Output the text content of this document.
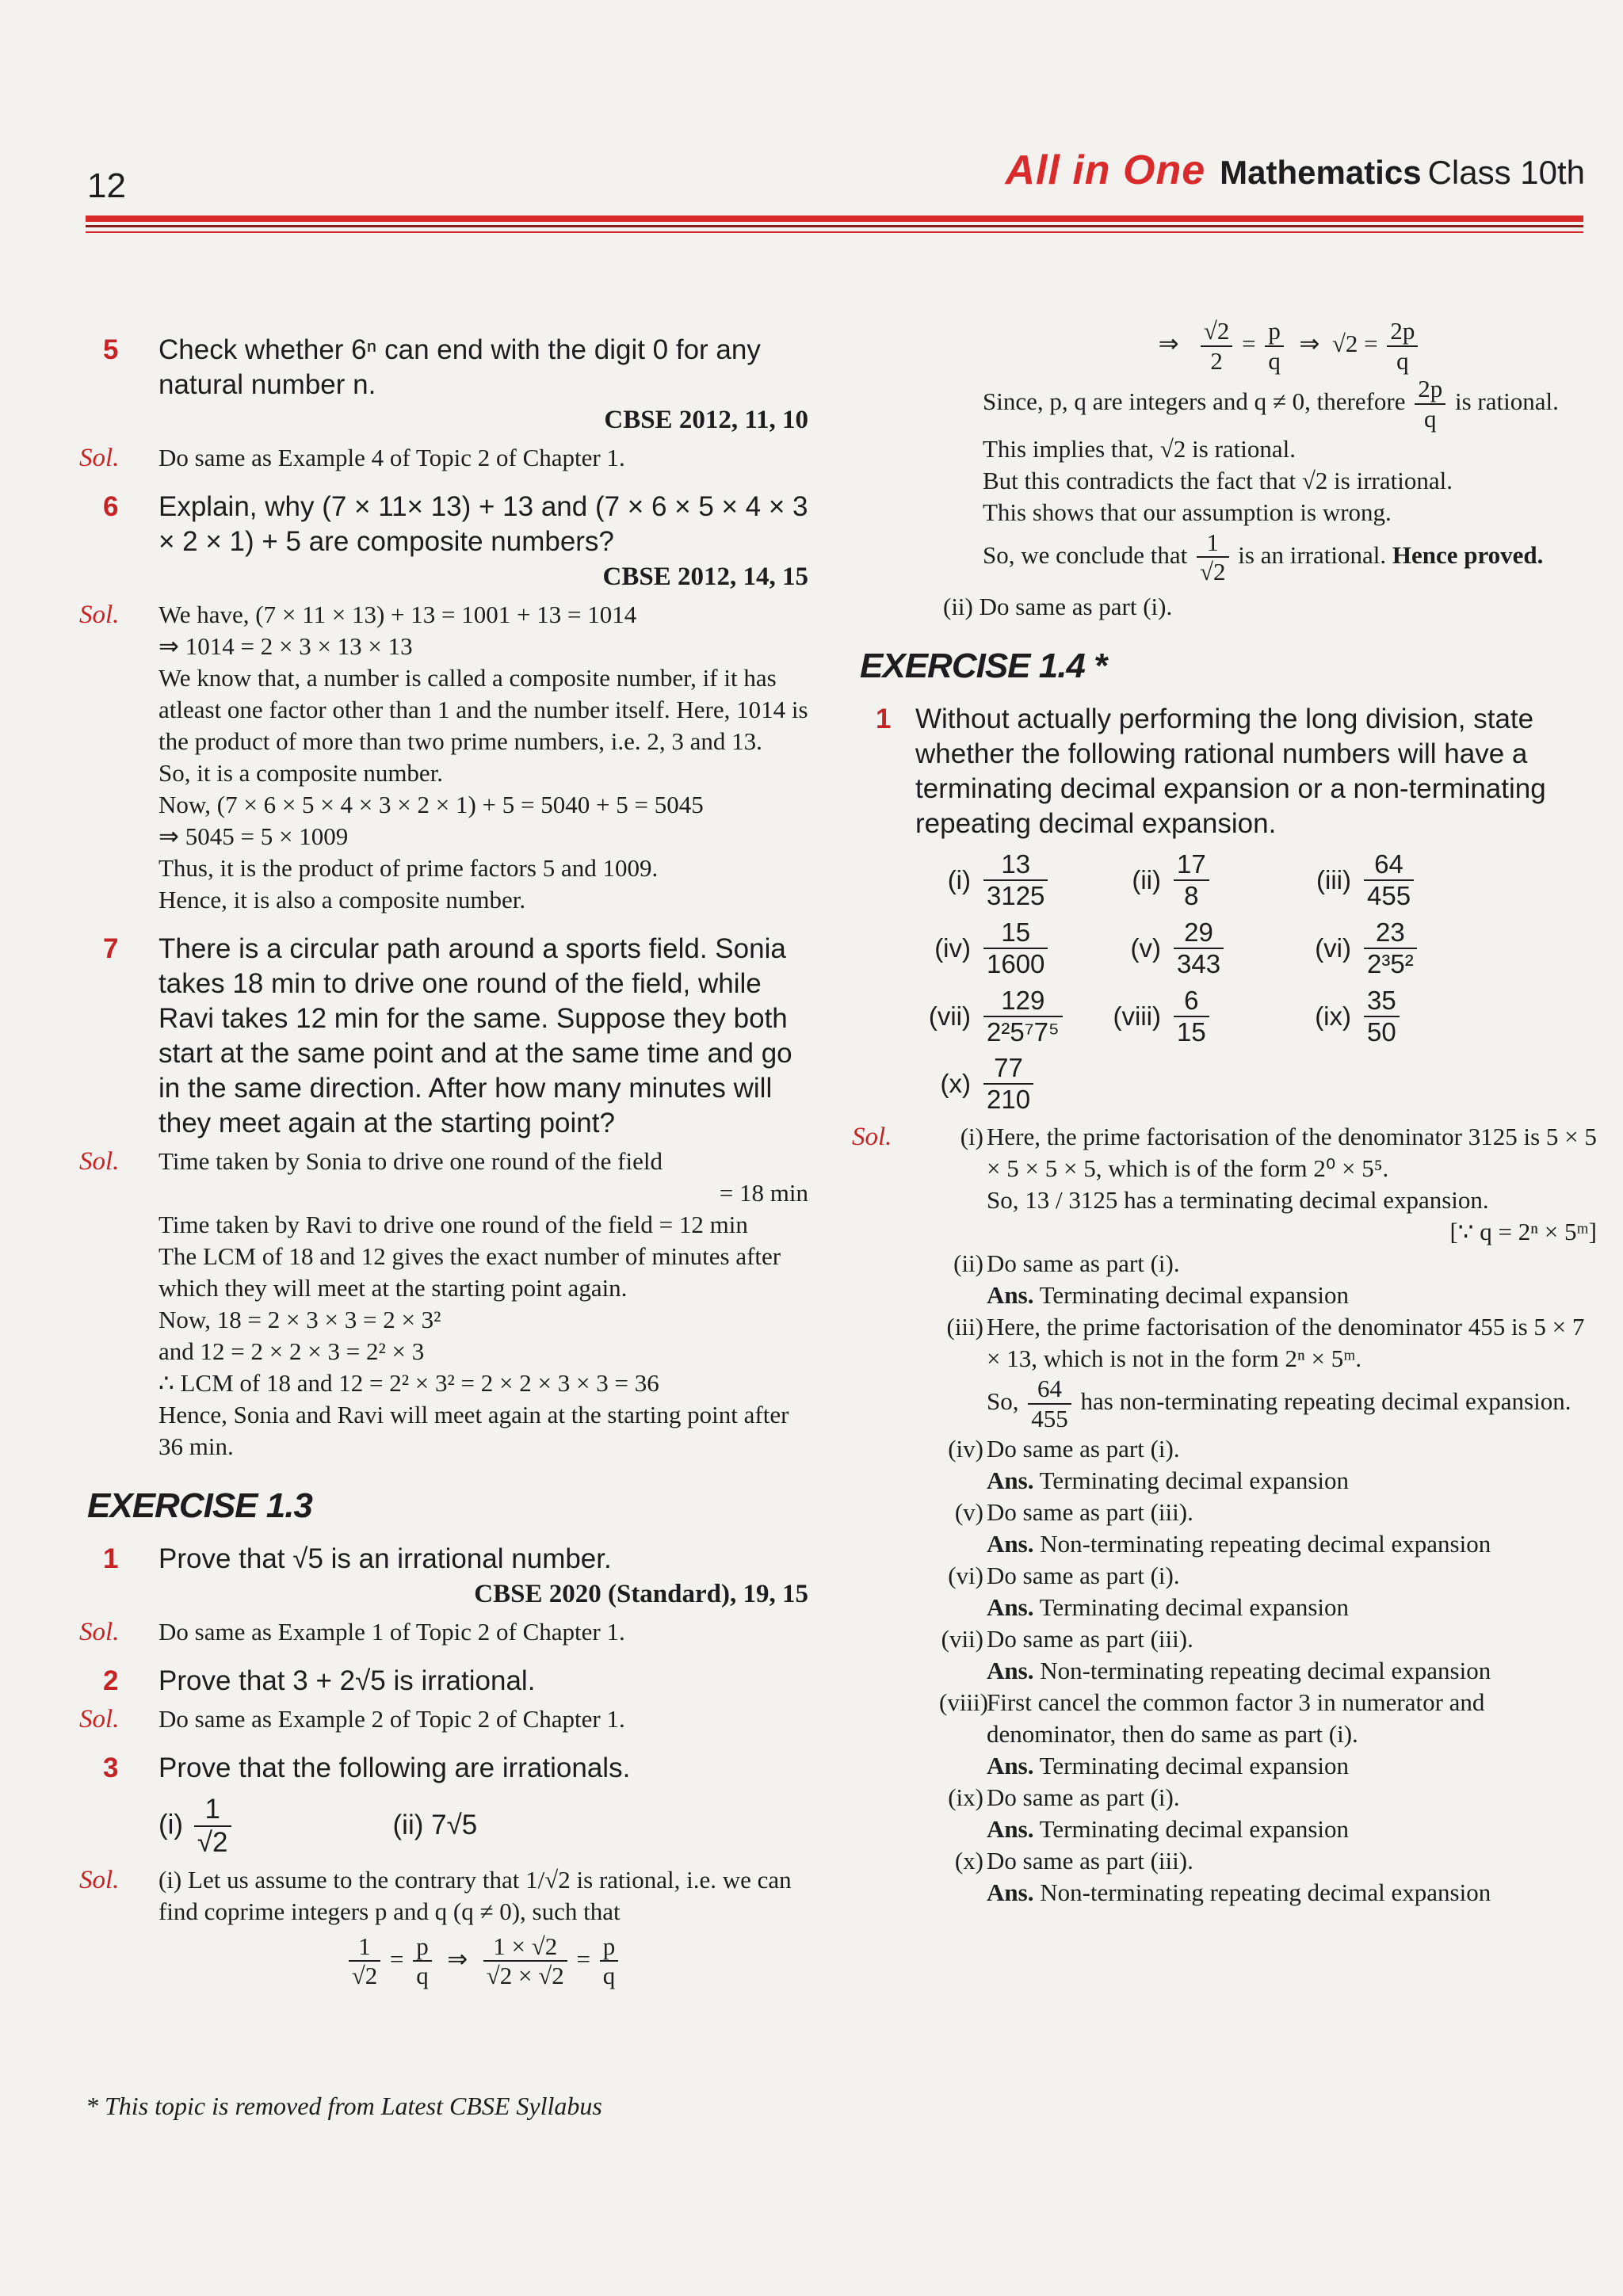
12	All in One Mathematics Class 10th
5 Check whether 6ⁿ can end with the digit 0 for any natural number n.
CBSE 2012, 11, 10
Sol. Do same as Example 4 of Topic 2 of Chapter 1.

6 Explain, why (7 × 11× 13) + 13 and (7 × 6 × 5 × 4 × 3 × 2 × 1) + 5 are composite numbers?
CBSE 2012, 14, 15
Sol. We have, (7 × 11 × 13) + 13 = 1001 + 13 = 1014

⇒ 1014 = 2 × 3 × 13 × 13

We know that, a number is called a composite number, if it has atleast one factor other than 1 and the number itself. Here, 1014 is the product of more than two prime numbers, i.e. 2, 3 and 13.

So, it is a composite number.

Now, (7 × 6 × 5 × 4 × 3 × 2 × 1) + 5 = 5040 + 5 = 5045

⇒ 5045 = 5 × 1009

Thus, it is the product of prime factors 5 and 1009.

Hence, it is also a composite number.

7 There is a circular path around a sports field. Sonia takes 18 min to drive one round of the field, while Ravi takes 12 min for the same. Suppose they both start at the same point and at the same time and go in the same direction. After how many minutes will they meet again at the starting point?
Sol. Time taken by Sonia to drive one round of the field

= 18 min

Time taken by Ravi to drive one round of the field = 12 min

The LCM of 18 and 12 gives the exact number of minutes after which they will meet at the starting point again.

Now, 18 = 2 × 3 × 3 = 2 × 3²

and 12 = 2 × 2 × 3 = 2² × 3

∴ LCM of 18 and 12 = 2² × 3² = 2 × 2 × 3 × 3 = 36

Hence, Sonia and Ravi will meet again at the starting point after 36 min.

EXERCISE 1.3
1 Prove that √5 is an irrational number.
CBSE 2020 (Standard), 19, 15
Sol. Do same as Example 1 of Topic 2 of Chapter 1.

2 Prove that 3 + 2√5 is irrational.
Sol. Do same as Example 2 of Topic 2 of Chapter 1.

3 Prove that the following are irrationals.
$(i) \frac{1}{√2}$	(ii) 7√5
Sol. (i) Let us assume to the contrary that 1/√2 is rational, i.e. we can find coprime integers p and q (q ≠ 0), such that

$\frac{1}{√2} = \frac{p}{q}$ ⇒ $\frac{1 \times √2}{√2 \times √2} = \frac{p}{q}$

⇒ $\frac{√2}{2} = \frac{p}{q}$ ⇒  $√2 = \frac{2p}{q}$

Since, p, q are integers and q ≠ 0, therefore $\frac{2p}{q}$ is rational.

This implies that, √2 is rational.

But this contradicts the fact that √2 is irrational.

This shows that our assumption is wrong.

So, we conclude that $\frac{1}{√2}$ is an irrational. Hence proved.

(ii) Do same as part (i).

EXERCISE 1.4 *
1 Without actually performing the long division, state whether the following rational numbers will have a terminating decimal expansion or a non-terminating repeating decimal expansion.
$(i) \frac{13}{3125}$	$(ii) \frac{17}{8}$	$(iii) \frac{64}{455}$
$(iv) \frac{15}{1600}$	$(v) \frac{29}{343}$	$(vi) \frac{23}{\text{2³5²}}$
$(vii) \frac{129}{\text{2²5⁷7⁵}}$ (viii) $\frac{6}{15}$	$(ix) \frac{35}{50}$
$(x) \frac{77}{210}$
Sol.	(i) Here, the prime factorisation of the denominator 3125 is 5 × 5 × 5 × 5 × 5, which is of the form 2⁰ × 5⁵.
So, 13 / 3125 has a terminating decimal expansion.
[∵ q = 2ⁿ × 5ᵐ]
(ii) Do same as part (i).
Ans. Terminating decimal expansion
(iii) Here, the prime factorisation of the denominator 455 is 5 × 7 × 13, which is not in the form 2ⁿ × 5ᵐ.
So, $\frac{64}{455}$ has non-terminating repeating decimal expansion.
(iv) Do same as part (i).
Ans. Terminating decimal expansion
(v) Do same as part (iii).
Ans. Non-terminating repeating decimal expansion
(vi) Do same as part (i).
Ans. Terminating decimal expansion
(vii) Do same as part (iii).
Ans. Non-terminating repeating decimal expansion
(viii)
First cancel the common factor 3 in numerator and denominator, then do same as part (i).
Ans. Terminating decimal expansion
(ix) Do same as part (i).
Ans. Terminating decimal expansion
(x) Do same as part (iii).
Ans. Non-terminating repeating decimal expansion
* This topic is removed from Latest CBSE Syllabus
